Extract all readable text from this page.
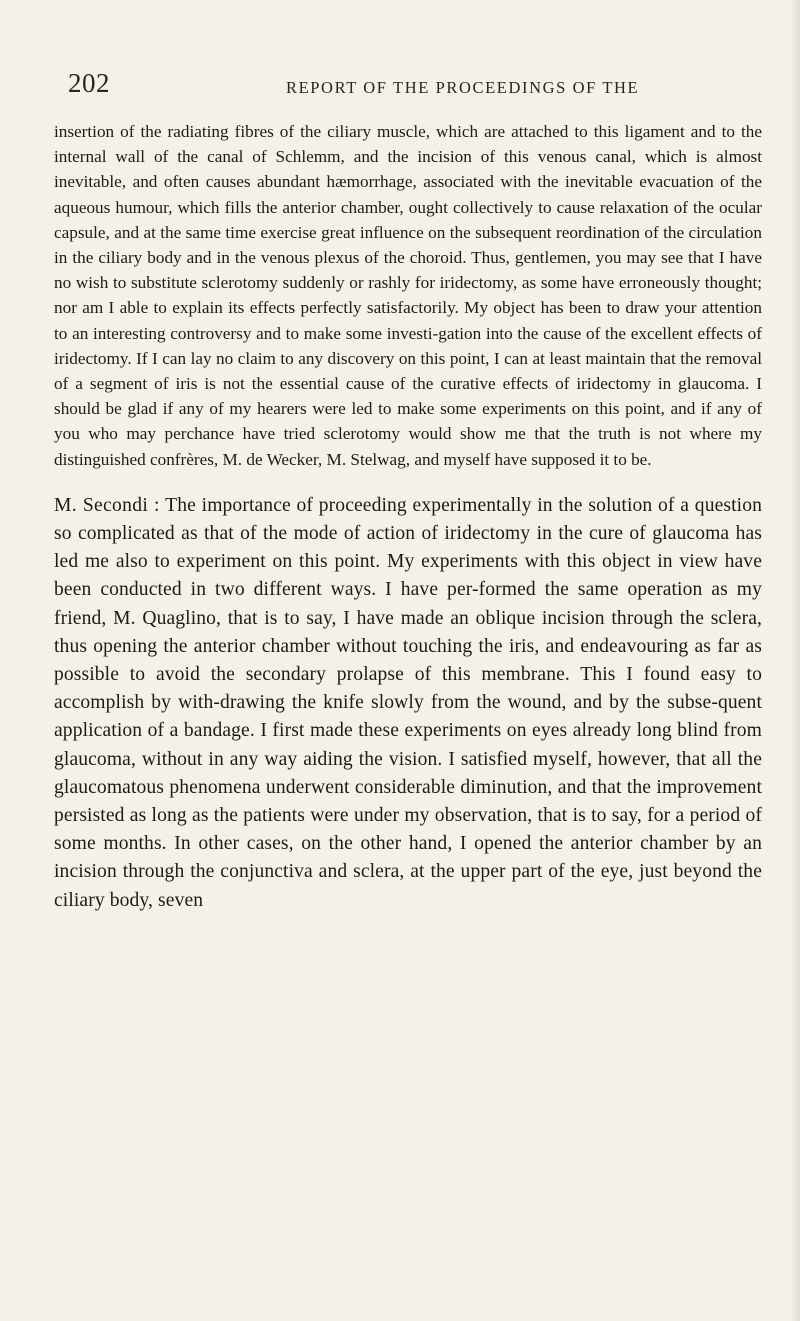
202	REPORT OF THE PROCEEDINGS OF THE

insertion of the radiating fibres of the ciliary muscle, which are attached to this ligament and to the internal wall of the canal of Schlemm, and the incision of this venous canal, which is almost inevitable, and often causes abundant hæmorrhage, associated with the inevitable evacuation of the aqueous humour, which fills the anterior chamber, ought collectively to cause relaxation of the ocular capsule, and at the same time exercise great influence on the subsequent reordination of the circulation in the ciliary body and in the venous plexus of the choroid. Thus, gentlemen, you may see that I have no wish to substitute sclerotomy suddenly or rashly for iridectomy, as some have erroneously thought; nor am I able to explain its effects perfectly satisfactorily. My object has been to draw your attention to an interesting controversy and to make some investi-gation into the cause of the excellent effects of iridectomy. If I can lay no claim to any discovery on this point, I can at least maintain that the removal of a segment of iris is not the essential cause of the curative effects of iridectomy in glaucoma. I should be glad if any of my hearers were led to make some experiments on this point, and if any of you who may perchance have tried sclerotomy would show me that the truth is not where my distinguished confrères, M. de Wecker, M. Stelwag, and myself have supposed it to be.

M. Secondi : The importance of proceeding experimentally in the solution of a question so complicated as that of the mode of action of iridectomy in the cure of glaucoma has led me also to experiment on this point. My experiments with this object in view have been conducted in two different ways. I have per-formed the same operation as my friend, M. Quaglino, that is to say, I have made an oblique incision through the sclera, thus opening the anterior chamber without touching the iris, and endeavouring as far as possible to avoid the secondary prolapse of this membrane. This I found easy to accomplish by with-drawing the knife slowly from the wound, and by the subse-quent application of a bandage. I first made these experiments on eyes already long blind from glaucoma, without in any way aiding the vision. I satisfied myself, however, that all the glaucomatous phenomena underwent considerable diminution, and that the improvement persisted as long as the patients were under my observation, that is to say, for a period of some months. In other cases, on the other hand, I opened the anterior chamber by an incision through the conjunctiva and sclera, at the upper part of the eye, just beyond the ciliary body, seven
